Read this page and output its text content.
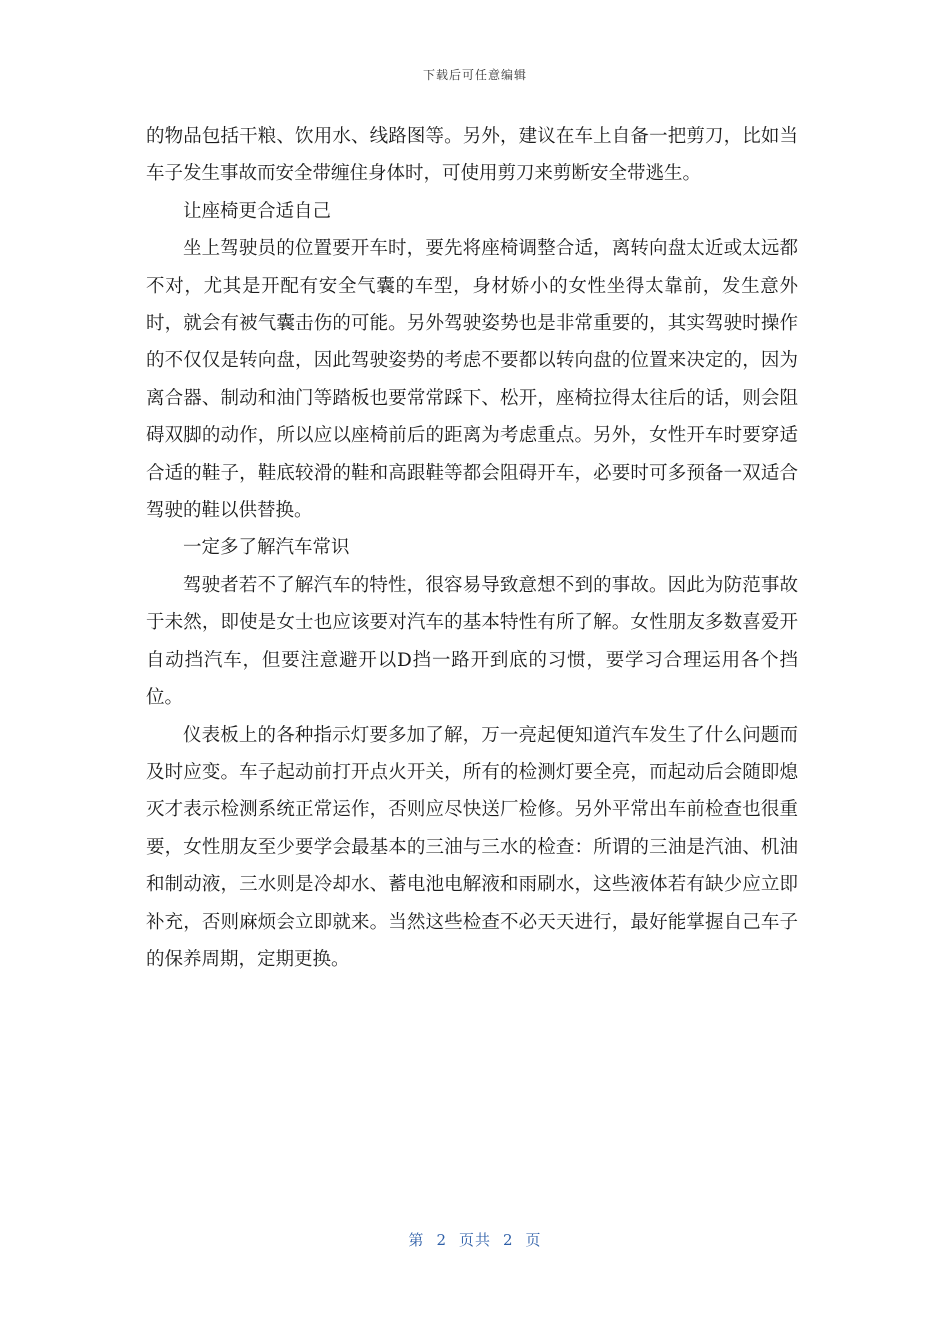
下载后可任意编辑

的物品包括干粮、饮用水、线路图等。另外，建议在车上自备一把剪刀，比如当车子发生事故而安全带缠住身体时，可使用剪刀来剪断安全带逃生。

让座椅更合适自己

坐上驾驶员的位置要开车时，要先将座椅调整合适，离转向盘太近或太远都不对，尤其是开配有安全气囊的车型，身材娇小的女性坐得太靠前，发生意外时，就会有被气囊击伤的可能。另外驾驶姿势也是非常重要的，其实驾驶时操作的不仅仅是转向盘，因此驾驶姿势的考虑不要都以转向盘的位置来决定的，因为离合器、制动和油门等踏板也要常常踩下、松开，座椅拉得太往后的话，则会阻碍双脚的动作，所以应以座椅前后的距离为考虑重点。另外，女性开车时要穿适合适的鞋子，鞋底较滑的鞋和高跟鞋等都会阻碍开车，必要时可多预备一双适合驾驶的鞋以供替换。

一定多了解汽车常识

驾驶者若不了解汽车的特性，很容易导致意想不到的事故。因此为防范事故于未然，即使是女士也应该要对汽车的基本特性有所了解。女性朋友多数喜爱开自动挡汽车，但要注意避开以D挡一路开到底的习惯，要学习合理运用各个挡位。

仪表板上的各种指示灯要多加了解，万一亮起便知道汽车发生了什么问题而及时应变。车子起动前打开点火开关，所有的检测灯要全亮，而起动后会随即熄灭才表示检测系统正常运作，否则应尽快送厂检修。另外平常出车前检查也很重要，女性朋友至少要学会最基本的三油与三水的检查：所谓的三油是汽油、机油和制动液，三水则是冷却水、蓄电池电解液和雨刷水，这些液体若有缺少应立即补充，否则麻烦会立即就来。当然这些检查不必天天进行，最好能掌握自己车子的保养周期，定期更换。

第 2 页共 2 页
